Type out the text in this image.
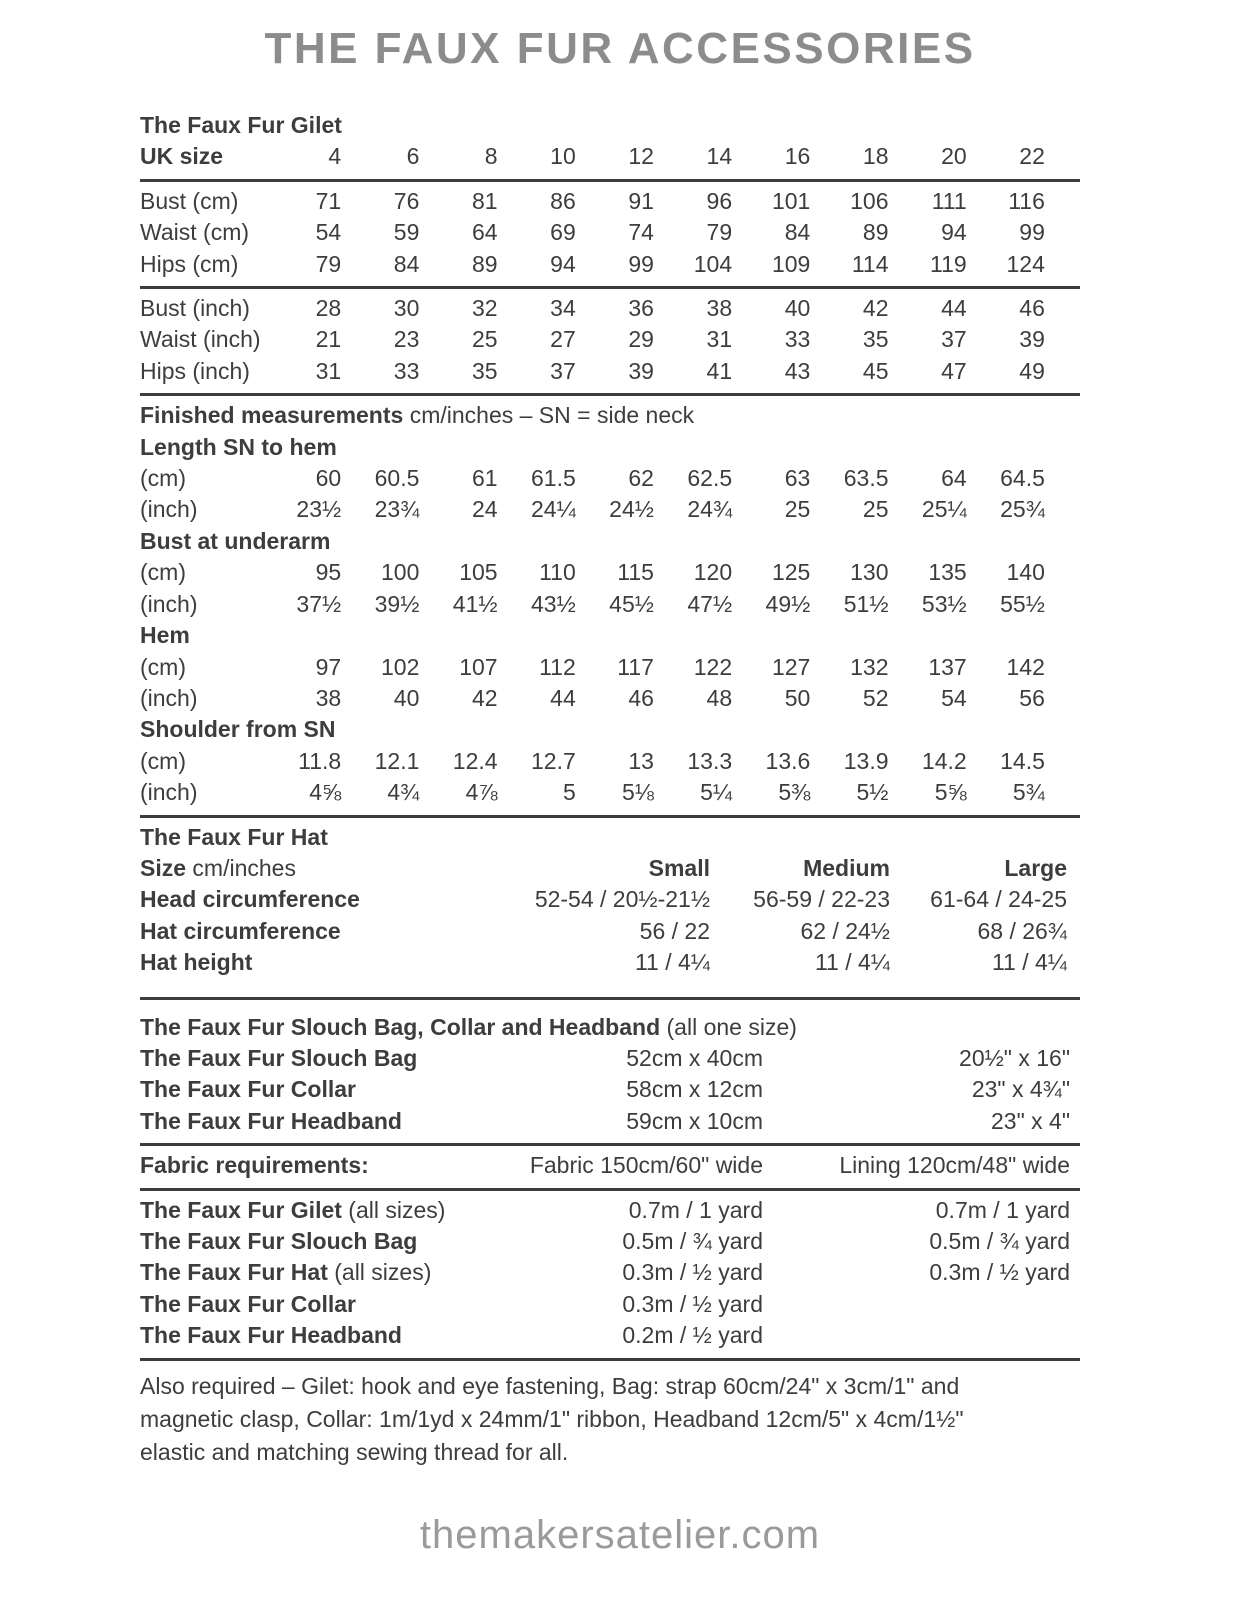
THE FAUX FUR ACCESSORIES
The Faux Fur Gilet
UK size	4	6	8	10	12	14	16	18	20	22
Bust (cm)	71	76	81	86	91	96	101	106	111	116
Waist (cm)	54	59	64	69	74	79	84	89	94	99
Hips (cm)	79	84	89	94	99	104	109	114	119	124
Bust (inch)	28	30	32	34	36	38	40	42	44	46
Waist (inch)	21	23	25	27	29	31	33	35	37	39
Hips (inch)	31	33	35	37	39	41	43	45	47	49
Finished measurements cm/inches – SN = side neck
Length SN to hem
(cm)	60	60.5	61	61.5	62	62.5	63	63.5	64	64.5
(inch)	23½	23¾	24	24¼	24½	24¾	25	25	25¼	25¾
Bust at underarm
(cm)	95	100	105	110	115	120	125	130	135	140
(inch)	37½	39½	41½	43½	45½	47½	49½	51½	53½	55½
Hem
(cm)	97	102	107	112	117	122	127	132	137	142
(inch)	38	40	42	44	46	48	50	52	54	56
Shoulder from SN
(cm)	11.8	12.1	12.4	12.7	13	13.3	13.6	13.9	14.2	14.5
(inch)	4⅝	4¾	4⅞	5	5⅛	5¼	5⅜	5½	5⅝	5¾
The Faux Fur Hat
Size cm/inches	Small	Medium	Large
Head circumference	52-54 / 20½-21½	56-59 / 22-23	61-64 / 24-25
Hat circumference	56 / 22	62 / 24½	68 / 26¾
Hat height	11 / 4¼	11 / 4¼	11 / 4¼
The Faux Fur Slouch Bag, Collar and Headband (all one size)
The Faux Fur Slouch Bag	52cm x 40cm	20½" x 16"
The Faux Fur Collar	58cm x 12cm	23" x 4¾"
The Faux Fur Headband	59cm x 10cm	23" x 4"
Fabric requirements:	Fabric 150cm/60" wide	Lining 120cm/48" wide
The Faux Fur Gilet (all sizes)	0.7m / 1 yard	0.7m / 1 yard
The Faux Fur Slouch Bag	0.5m / ¾ yard	0.5m / ¾ yard
The Faux Fur Hat (all sizes)	0.3m / ½ yard	0.3m / ½ yard
The Faux Fur Collar	0.3m / ½ yard
The Faux Fur Headband	0.2m / ½ yard
Also required – Gilet: hook and eye fastening, Bag: strap 60cm/24" x 3cm/1" and
magnetic clasp, Collar: 1m/1yd x 24mm/1" ribbon, Headband 12cm/5" x 4cm/1½"
elastic and matching sewing thread for all.
themakersatelier.com
